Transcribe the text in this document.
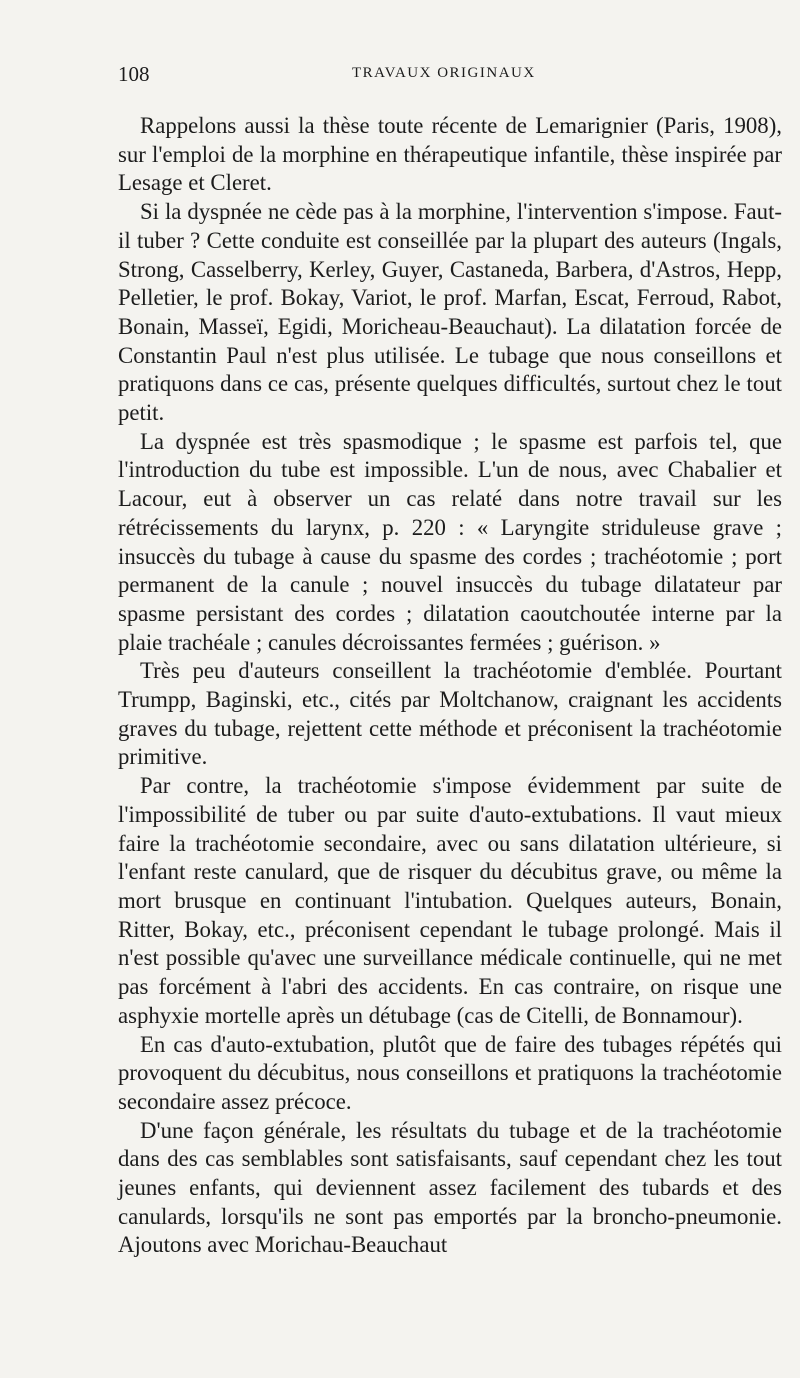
108	TRAVAUX ORIGINAUX

Rappelons aussi la thèse toute récente de Lemarignier (Paris, 1908), sur l'emploi de la morphine en thérapeutique infantile, thèse inspirée par Lesage et Cleret.

Si la dyspnée ne cède pas à la morphine, l'intervention s'impose. Faut-il tuber ? Cette conduite est conseillée par la plupart des auteurs (Ingals, Strong, Casselberry, Kerley, Guyer, Castaneda, Barbera, d'Astros, Hepp, Pelletier, le prof. Bokay, Variot, le prof. Marfan, Escat, Ferroud, Rabot, Bonain, Masseï, Egidi, Moricheau-Beauchaut). La dilatation forcée de Constantin Paul n'est plus utilisée. Le tubage que nous conseillons et pratiquons dans ce cas, présente quelques difficultés, surtout chez le tout petit.

La dyspnée est très spasmodique ; le spasme est parfois tel, que l'introduction du tube est impossible. L'un de nous, avec Chabalier et Lacour, eut à observer un cas relaté dans notre travail sur les rétrécissements du larynx, p. 220 : « Laryngite striduleuse grave ; insuccès du tubage à cause du spasme des cordes ; trachéotomie ; port permanent de la canule ; nouvel insuccès du tubage dilatateur par spasme persistant des cordes ; dilatation caoutchoutée interne par la plaie trachéale ; canules décroissantes fermées ; guérison. »

Très peu d'auteurs conseillent la trachéotomie d'emblée. Pourtant Trumpp, Baginski, etc., cités par Moltchanow, craignant les accidents graves du tubage, rejettent cette méthode et préconisent la trachéotomie primitive.

Par contre, la trachéotomie s'impose évidemment par suite de l'impossibilité de tuber ou par suite d'auto-extubations. Il vaut mieux faire la trachéotomie secondaire, avec ou sans dilatation ultérieure, si l'enfant reste canulard, que de risquer du décubitus grave, ou même la mort brusque en continuant l'intubation. Quelques auteurs, Bonain, Ritter, Bokay, etc., préconisent cependant le tubage prolongé. Mais il n'est possible qu'avec une surveillance médicale continuelle, qui ne met pas forcément à l'abri des accidents. En cas contraire, on risque une asphyxie mortelle après un détubage (cas de Citelli, de Bonnamour).

En cas d'auto-extubation, plutôt que de faire des tubages répétés qui provoquent du décubitus, nous conseillons et pratiquons la trachéotomie secondaire assez précoce.

D'une façon générale, les résultats du tubage et de la trachéotomie dans des cas semblables sont satisfaisants, sauf cependant chez les tout jeunes enfants, qui deviennent assez facilement des tubards et des canulards, lorsqu'ils ne sont pas emportés par la broncho-pneumonie. Ajoutons avec Morichau-Beauchaut
